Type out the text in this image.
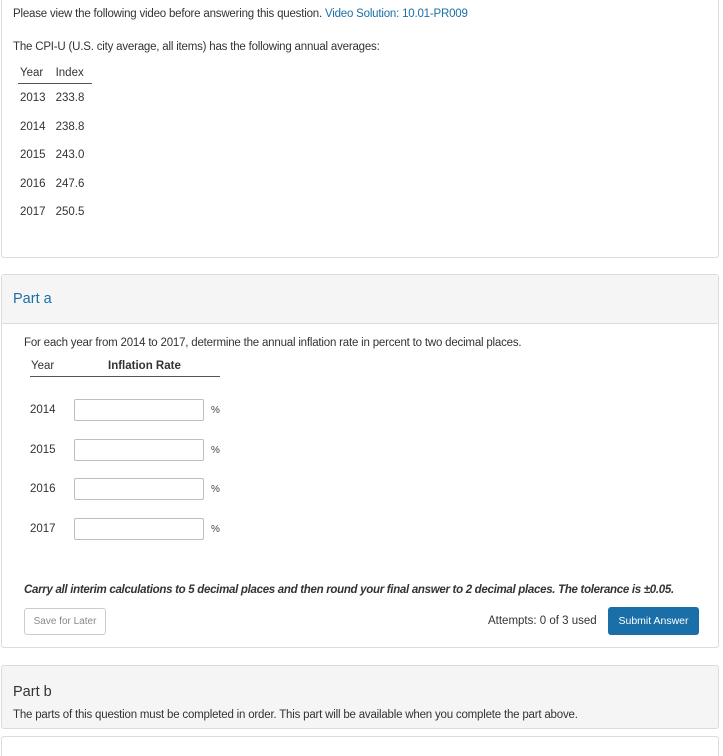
Please view the following video before answering this question. Video Solution: 10.01-PR009
The CPI-U (U.S. city average, all items) has the following annual averages:
Year	Index
2013	233.8
2014	238.8
2015	243.0
2016	247.6
2017	250.5
Part a
For each year from 2014 to 2017, determine the annual inflation rate in percent to two decimal places.
Year	Inflation Rate
2014	%
2015	%
2016	%
2017	%
Carry all interim calculations to 5 decimal places and then round your final answer to 2 decimal places. The tolerance is ±0.05.
Save for Later	Attempts: 0 of 3 used	Submit Answer
Part b
The parts of this question must be completed in order. This part will be available when you complete the part above.
